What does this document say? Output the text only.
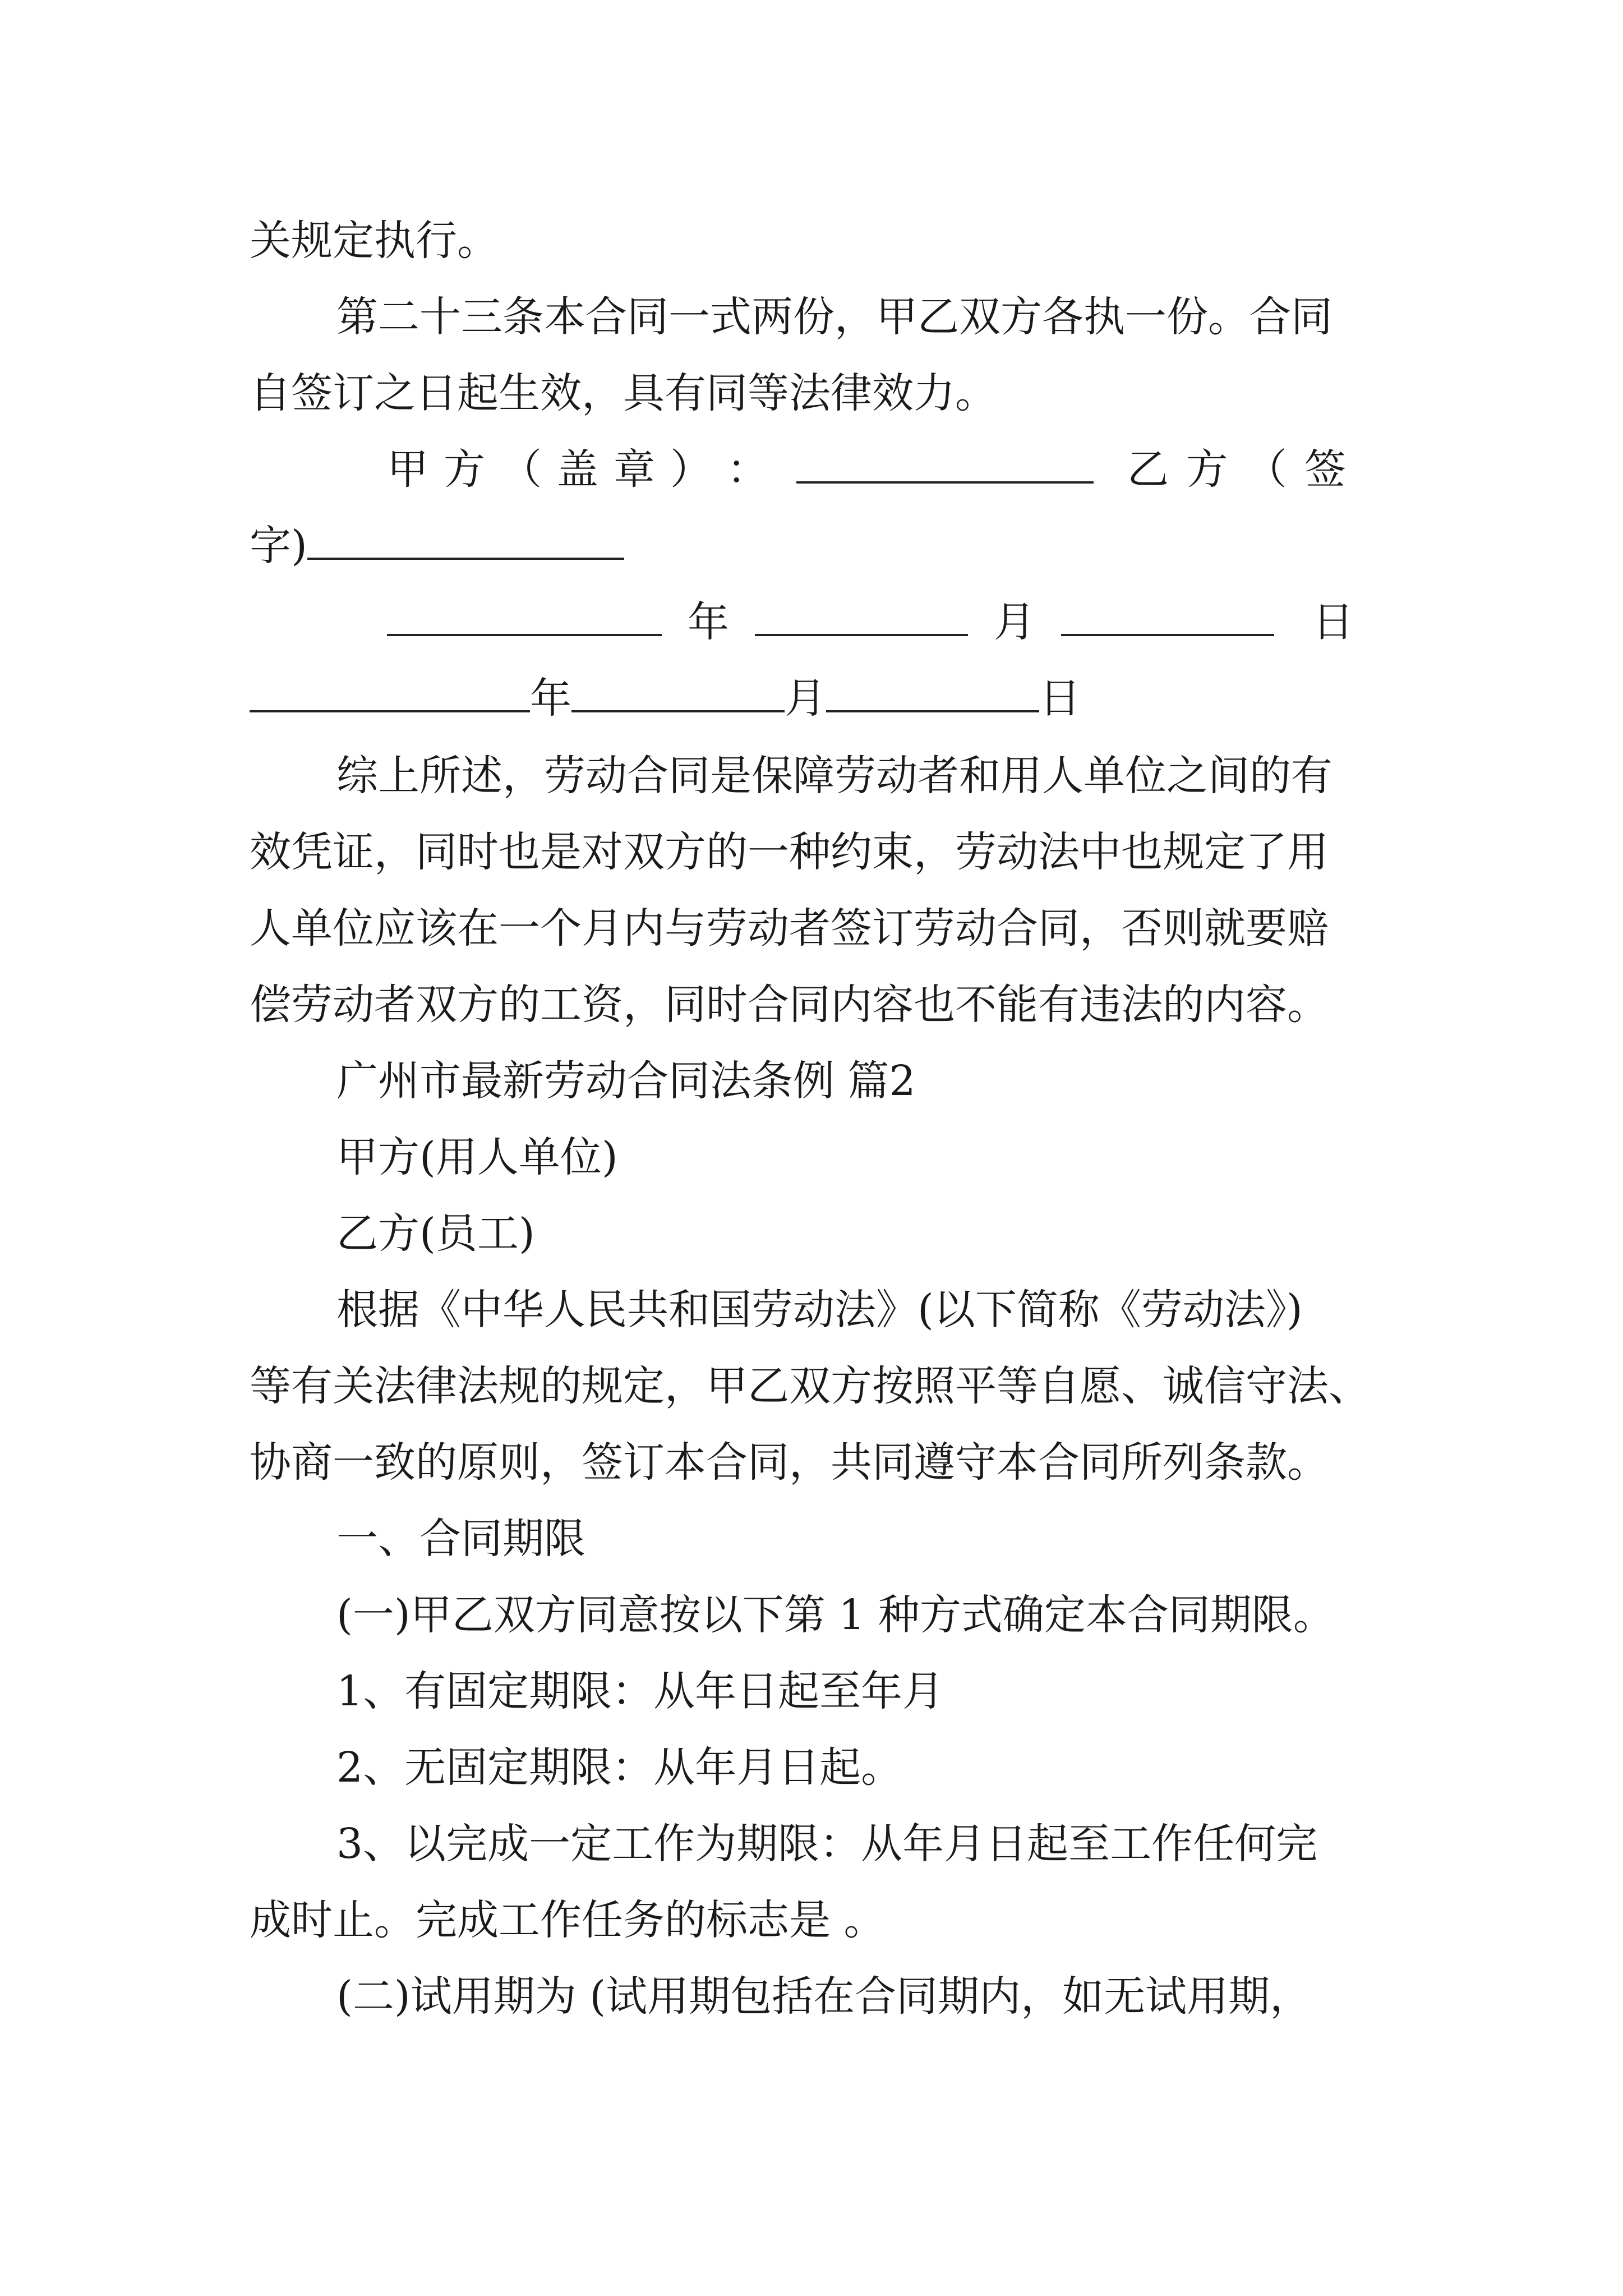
关规定执行。
第二十三条本合同一式两份，甲乙双方各执一份。合同
自签订之日起生效，具有同等法律效力。
甲 方 （ 盖 章 ） ：	乙 方 （ 签
字)
年	月	日
年	月	日
综上所述，劳动合同是保障劳动者和用人单位之间的有
效凭证，同时也是对双方的一种约束，劳动法中也规定了用
人单位应该在一个月内与劳动者签订劳动合同，否则就要赔
偿劳动者双方的工资，同时合同内容也不能有违法的内容。
广州市最新劳动合同法条例 篇2
甲方(用人单位)
乙方(员工)
根据《中华人民共和国劳动法》(以下简称《劳动法》)
等有关法律法规的规定，甲乙双方按照平等自愿、诚信守法、
协商一致的原则，签订本合同，共同遵守本合同所列条款。
一、合同期限
(一)甲乙双方同意按以下第 1 种方式确定本合同期限。
1、有固定期限：从年日起至年月
2、无固定期限：从年月日起。
3、以完成一定工作为期限：从年月日起至工作任何完
成时止。完成工作任务的标志是 。
(二)试用期为 (试用期包括在合同期内，如无试用期，
